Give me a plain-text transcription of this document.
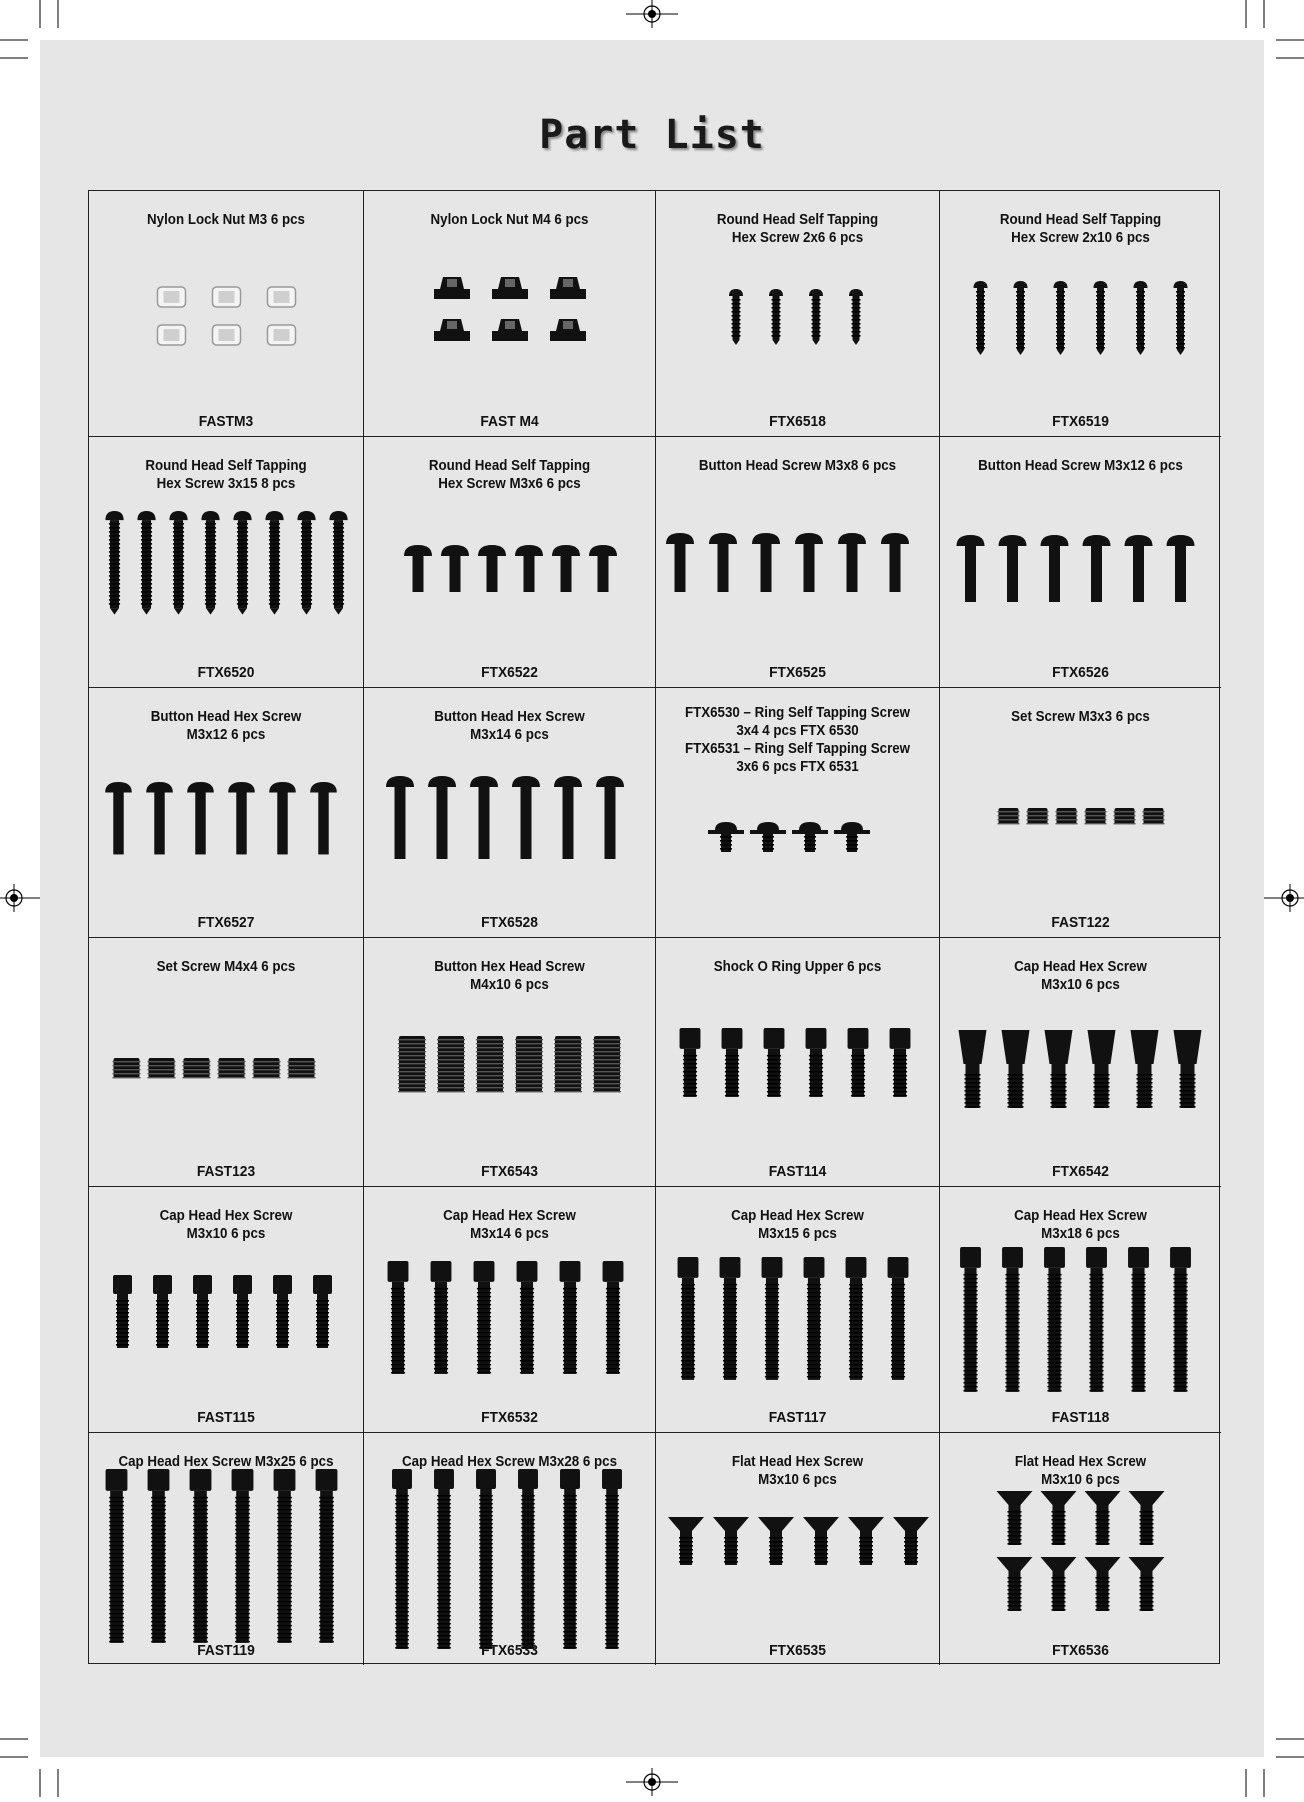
Part List
Nylon Lock Nut M3 6 pcs
FASTM3
Nylon Lock Nut M4 6 pcs
FAST M4
Round Head Self Tapping
Hex Screw 2x6 6 pcs
FTX6518
Round Head Self Tapping
Hex Screw 2x10 6 pcs
FTX6519
Round Head Self Tapping
Hex Screw 3x15 8 pcs
FTX6520
Round Head Self Tapping
Hex Screw M3x6 6 pcs
FTX6522
Button Head Screw M3x8 6 pcs
FTX6525
Button Head Screw M3x12 6 pcs
FTX6526
Button Head Hex Screw
M3x12 6 pcs
FTX6527
Button Head Hex Screw
M3x14 6 pcs
FTX6528
FTX6530 – Ring Self Tapping Screw
3x4 4 pcs FTX 6530
FTX6531 – Ring Self Tapping Screw
3x6 6 pcs FTX 6531
Set Screw M3x3 6 pcs
FAST122
Set Screw M4x4 6 pcs
FAST123
Button Hex Head Screw
M4x10 6 pcs
FTX6543
Shock O Ring Upper 6 pcs
FAST114
Cap Head Hex Screw
M3x10 6 pcs
FTX6542
Cap Head Hex Screw
M3x10 6 pcs
FAST115
Cap Head Hex Screw
M3x14 6 pcs
FTX6532
Cap Head Hex Screw
M3x15 6 pcs
FAST117
Cap Head Hex Screw
M3x18 6 pcs
FAST118
Cap Head Hex Screw M3x25 6 pcs
FAST119
Cap Head Hex Screw M3x28 6 pcs
FTX6533
Flat Head Hex Screw
M3x10 6 pcs
FTX6535
Flat Head Hex Screw
M3x10 6 pcs
FTX6536
